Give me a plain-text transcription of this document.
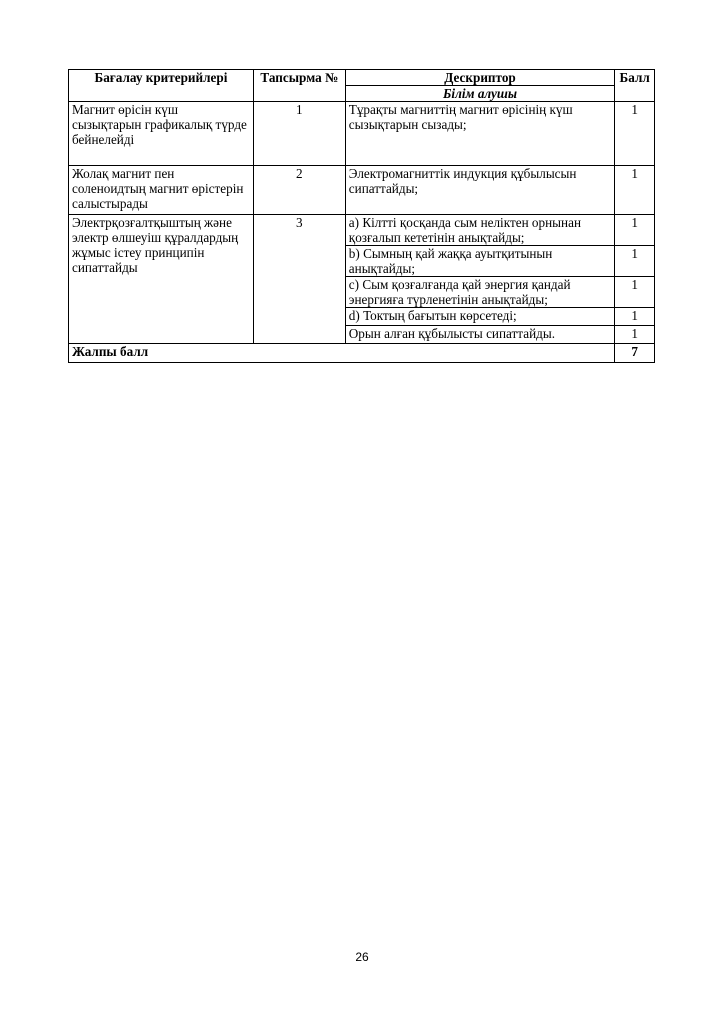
Бағалау критерийлері	Тапсырма №	Дескриптор	Балл
		Білім алушы	
Магнит өрісін күш сызықтарын графикалық түрде бейнелейді	1	Тұрақты магниттің магнит өрісінің күш сызықтарын сызады;	1
Жолақ магнит пен соленоидтың магнит өрістерін салыстырады	2	Электромагниттік индукция құбылысын сипаттайды;	1
Электрқозғалтқыштың және электр өлшеуіш құралдардың жұмыс істеу принципін сипаттайды	3	a) Кілтті қосқанда сым неліктен орнынан қозғалып кететінін анықтайды;	1
		b) Сымның қай жаққа ауытқитынын анықтайды;	1
		c) Сым қозғалғанда қай энергия қандай энергияға түрленетінін анықтайды;	1
		d) Токтың бағытын көрсетеді;	1
		Орын алған құбылысты сипаттайды.	1
Жалпы балл			7
26
